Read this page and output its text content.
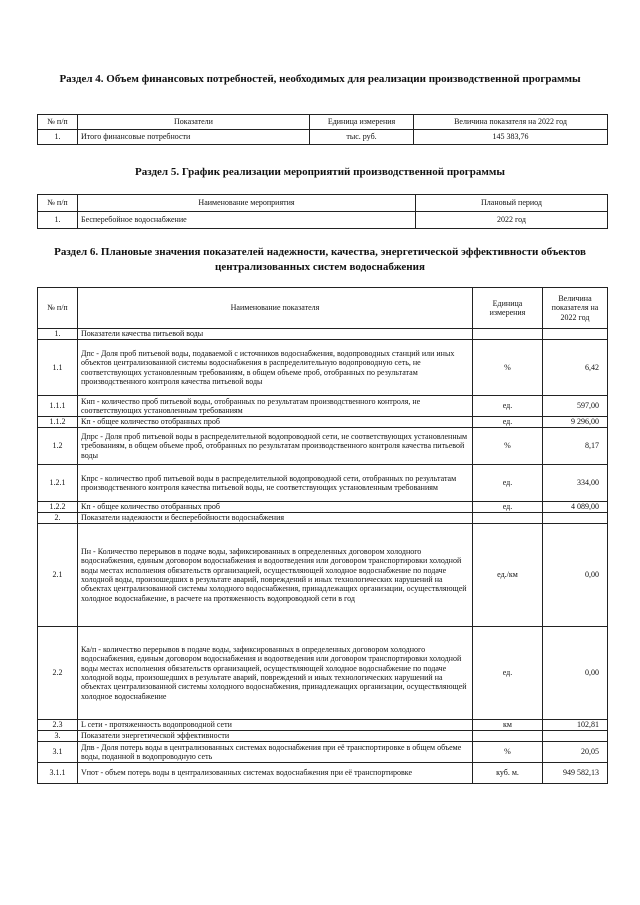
Раздел 4. Объем финансовых потребностей, необходимых для реализации производственной программы
№ п/п	Показатели	Единица измерения	Величина показателя на 2022 год
1.	Итого финансовые потребности	тыс. руб.	145 383,76
Раздел 5. График реализации мероприятий производственной программы
№ п/п	Наименование мероприятия	Плановый период
1.	Бесперебойное водоснабжение	2022 год
Раздел 6. Плановые значения показателей надежности, качества, энергетической эффективности объектов централизованных систем водоснабжения
№ п/п	Наименование показателя	Единица измерения	Величина показателя на 2022 год
1.	Показатели качества питьевой воды		
1.1	Дпс - Доля проб питьевой воды, подаваемой с источников водоснабжения, водопроводных станций или иных объектов централизованной системы водоснабжения в распределительную водопроводную сеть, не соответствующих установленным требованиям, в общем объеме проб, отобранных по результатам производственного контроля качества питьевой воды	%	6,42
1.1.1	Кнп - количество проб питьевой воды, отобранных по результатам производственного контроля, не соответствующих установленным требованиям	ед.	597,00
1.1.2	Кп - общее количество отобранных проб	ед.	9 296,00
1.2	Дпрс - Доля проб питьевой воды в распределительной водопроводной сети, не соответствующих установленным требованиям, в общем объеме проб, отобранных по результатам производственного контроля качества питьевой воды	%	8,17
1.2.1	Кпрс - количество проб питьевой воды в распределительной водопроводной сети, отобранных по результатам производственного контроля качества питьевой воды, не соответствующих установленным требованиям	ед.	334,00
1.2.2	Кп - общее количество отобранных проб	ед.	4 089,00
2.	Показатели надежности и бесперебойности водоснабжения		
2.1	Пн - Количество перерывов в подаче воды, зафиксированных в определенных договором холодного водоснабжения, единым договором водоснабжения и водоотведения или договором транспортировки холодной воды местах исполнения обязательств организацией, осуществляющей холодное водоснабжение по подаче холодной воды, произошедших в результате аварий, повреждений и иных технологических нарушений на объектах централизованной системы холодного водоснабжения, принадлежащих организации, осуществляющей холодное водоснабжение, в расчете на протяженность водопроводной сети в год	ед./км	0,00
2.2	Ка/п - количество перерывов в подаче воды, зафиксированных в определенных договором холодного водоснабжения, единым договором водоснабжения и водоотведения или договором транспортировки холодной воды местах исполнения обязательств организацией, осуществляющей холодное водоснабжение по подаче холодной воды, произошедших в результате аварий, повреждений и иных технологических нарушений на объектах централизованной системы холодного водоснабжения, принадлежащих организации, осуществляющей холодное водоснабжение	ед.	0,00
2.3	L сети - протяженность водопроводной сети	км	102,81
3.	Показатели энергетической эффективности		
3.1	Дпв - Доля потерь воды в централизованных системах водоснабжения при её транспортировке в общем объеме воды, поданной в водопроводную сеть	%	20,05
3.1.1	Vпот - объем потерь воды в централизованных системах водоснабжения при её транспортировке	куб. м.	949 582,13
